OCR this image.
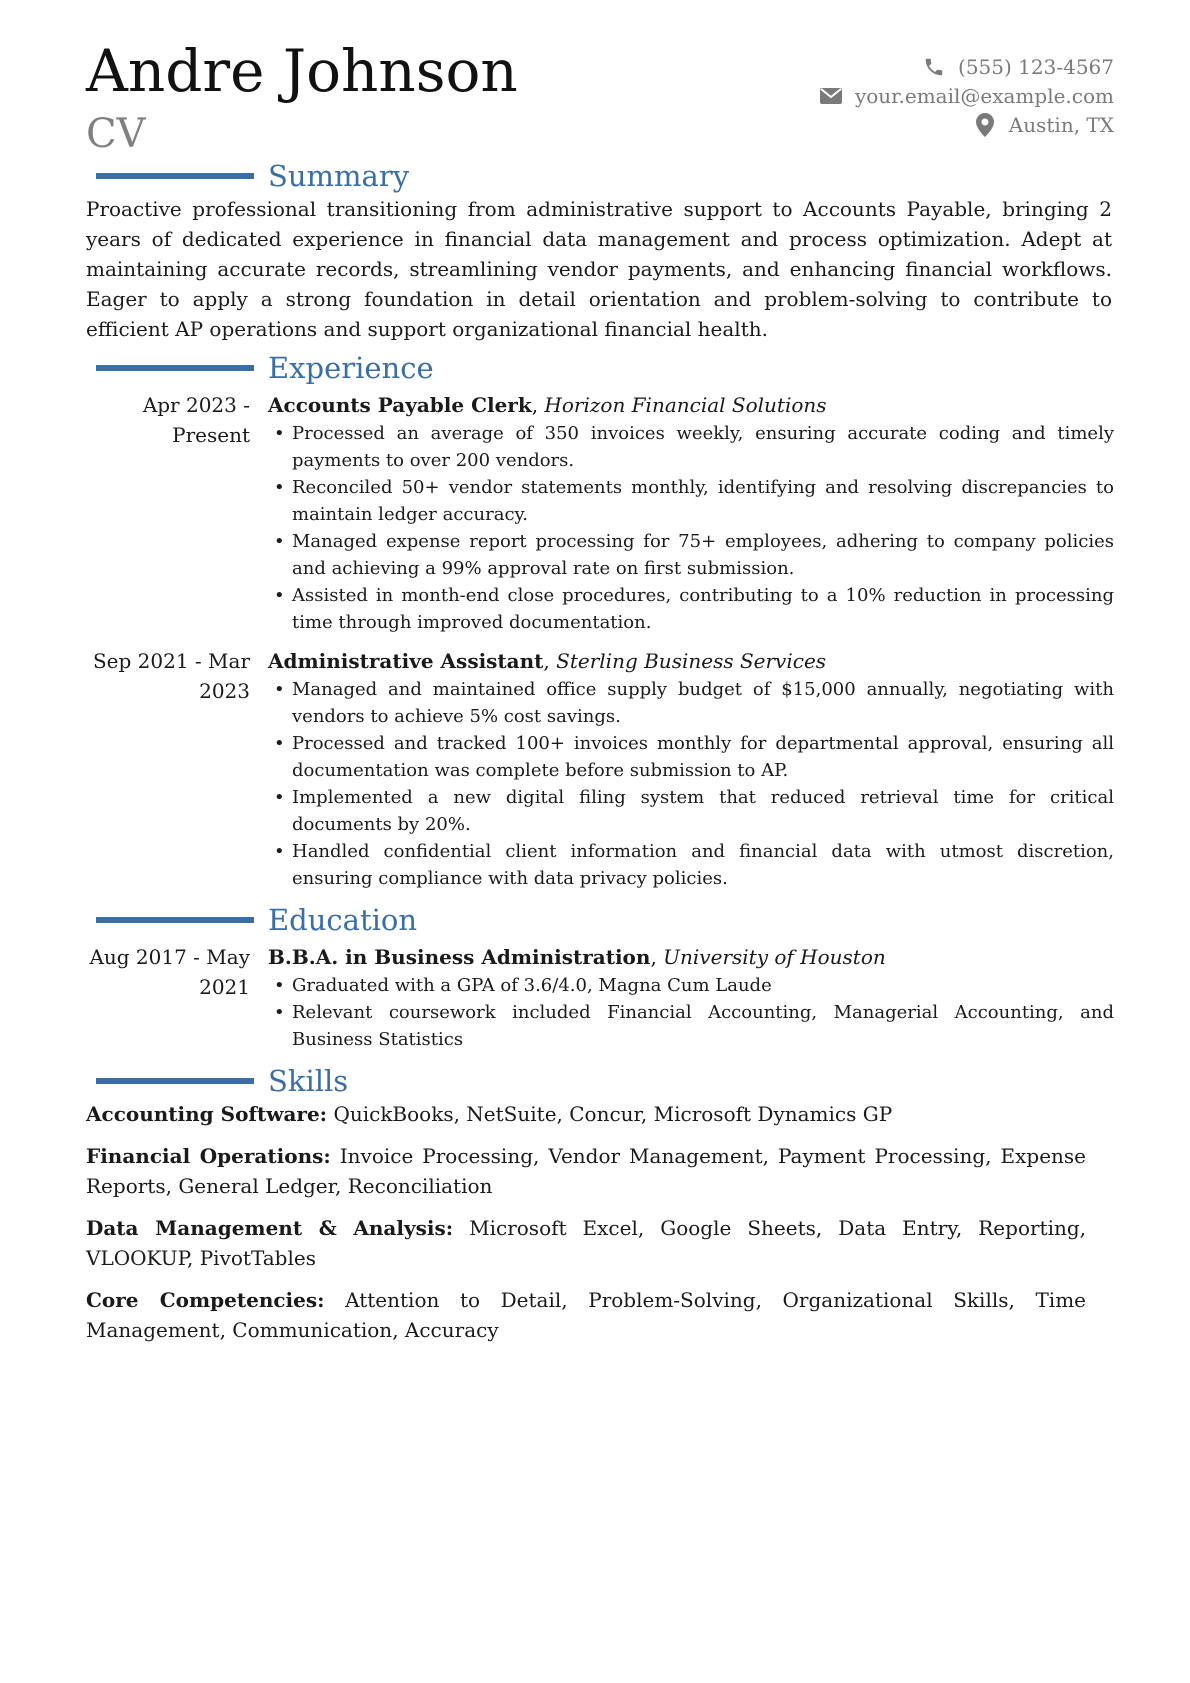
Andre Johnson
CV
(555) 123-4567
your.email@example.com
Austin, TX
Summary

Proactive professional transitioning from administrative support to Accounts Payable, bringing 2 years of dedicated experience in financial data management and process optimization. Adept at maintaining accurate records, streamlining vendor payments, and enhancing financial workflows. Eager to apply a strong foundation in detail orientation and problem-solving to contribute to efficient AP operations and support organizational financial health.

Experience
Apr 2023 - Present
Accounts Payable Clerk, Horizon Financial Solutions
• Processed an average of 350 invoices weekly, ensuring accurate coding and timely payments to over 200 vendors.
• Reconciled 50+ vendor statements monthly, identifying and resolving discrepancies to maintain ledger accuracy.
• Managed expense report processing for 75+ employees, adhering to company policies and achieving a 99% approval rate on first submission.
• Assisted in month-end close procedures, contributing to a 10% reduction in processing time through improved documentation.
Sep 2021 - Mar 2023
Administrative Assistant, Sterling Business Services
• Managed and maintained office supply budget of $15,000 annually, negotiating with vendors to achieve 5% cost savings.
• Processed and tracked 100+ invoices monthly for departmental approval, ensuring all documentation was complete before submission to AP.
• Implemented a new digital filing system that reduced retrieval time for critical documents by 20%.
• Handled confidential client information and financial data with utmost discretion, ensuring compliance with data privacy policies.
Education
Aug 2017 - May 2021
B.B.A. in Business Administration, University of Houston
• Graduated with a GPA of 3.6/4.0, Magna Cum Laude
• Relevant coursework included Financial Accounting, Managerial Accounting, and Business Statistics
Skills

Accounting Software: QuickBooks, NetSuite, Concur, Microsoft Dynamics GP

Financial Operations: Invoice Processing, Vendor Management, Payment Processing, Expense Reports, General Ledger, Reconciliation

Data Management & Analysis: Microsoft Excel, Google Sheets, Data Entry, Reporting, VLOOKUP, PivotTables

Core Competencies: Attention to Detail, Problem-Solving, Organizational Skills, Time Management, Communication, Accuracy
